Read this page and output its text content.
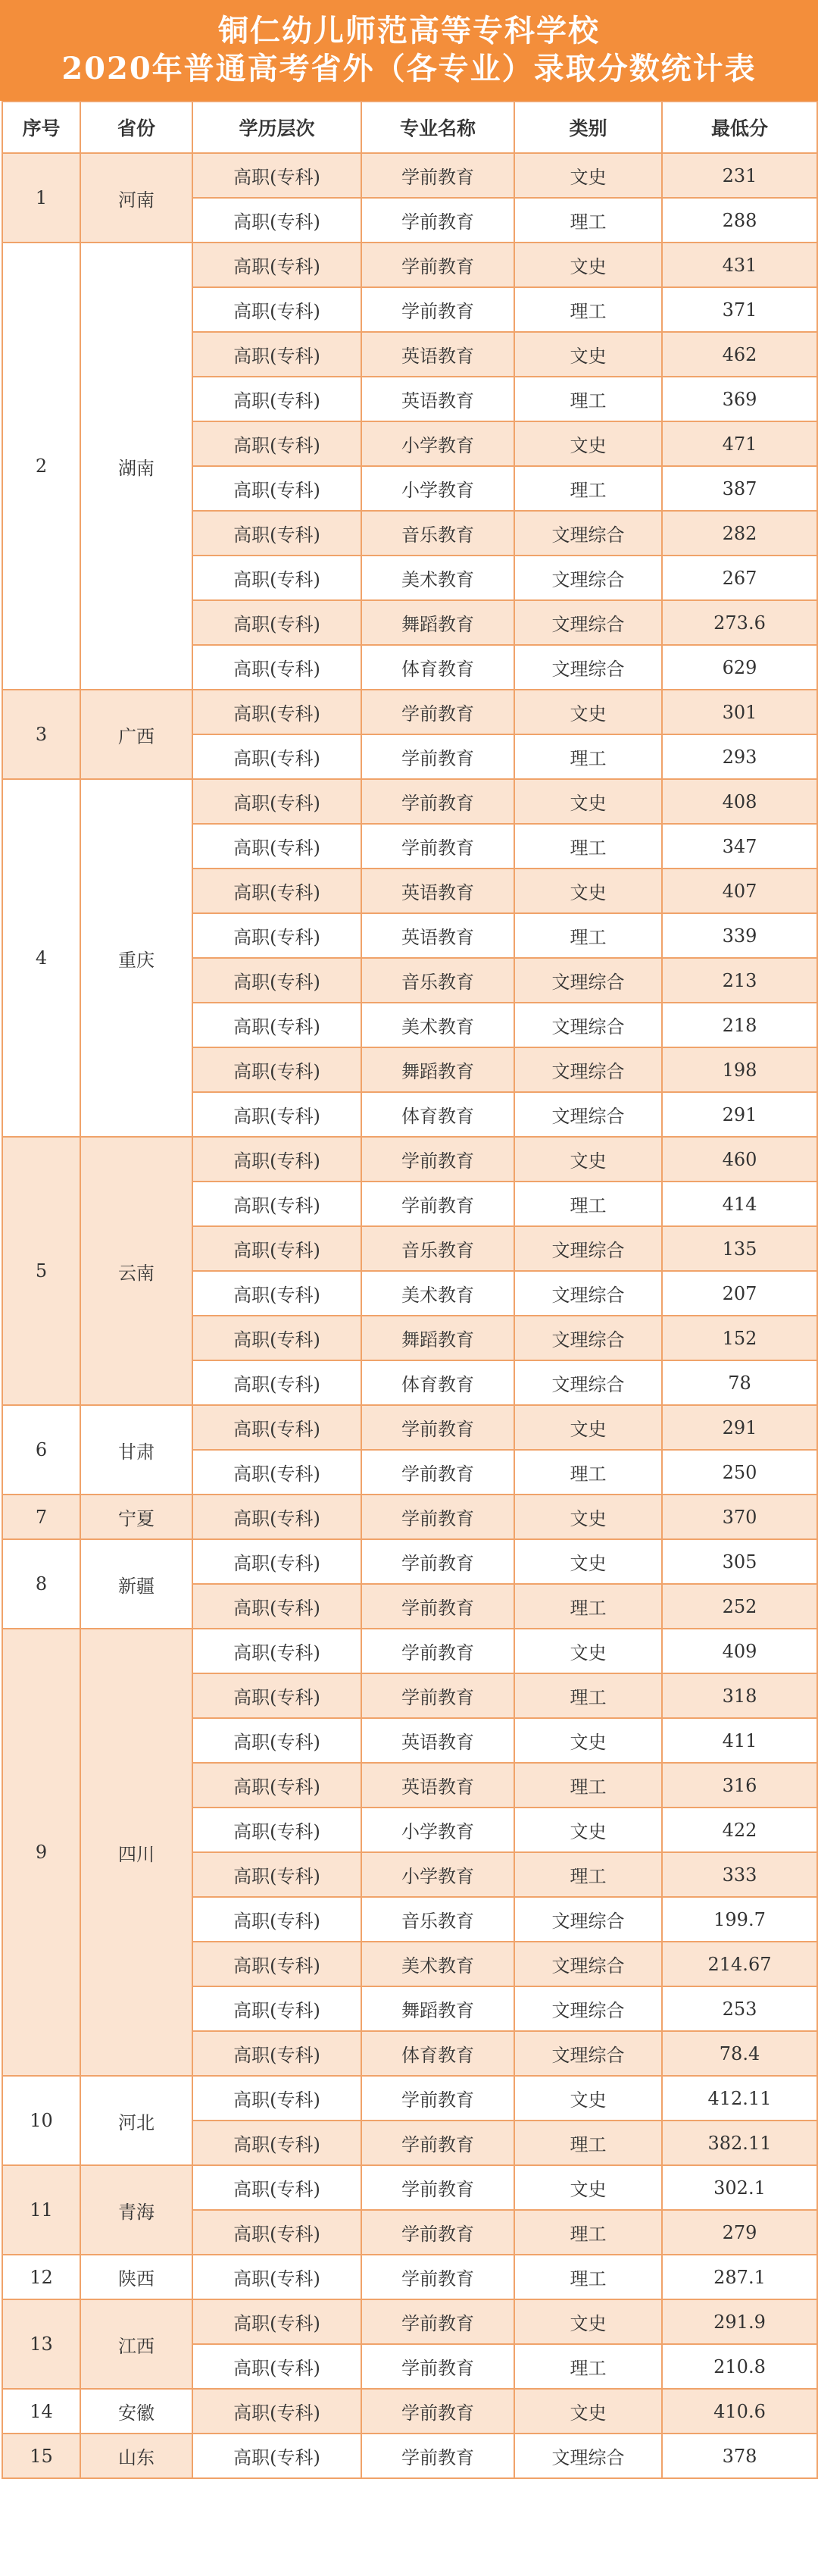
铜仁幼儿师范高等专科学校
2020年普通高考省外（各专业）录取分数统计表
序号	省份	学历层次	专业名称	类别	最低分
1	河南	高职(专科)	学前教育	文史	231
		高职(专科)	学前教育	理工	288
2	湖南	高职(专科)	学前教育	文史	431
		高职(专科)	学前教育	理工	371
		高职(专科)	英语教育	文史	462
		高职(专科)	英语教育	理工	369
		高职(专科)	小学教育	文史	471
		高职(专科)	小学教育	理工	387
		高职(专科)	音乐教育	文理综合	282
		高职(专科)	美术教育	文理综合	267
		高职(专科)	舞蹈教育	文理综合	273.6
		高职(专科)	体育教育	文理综合	629
3	广西	高职(专科)	学前教育	文史	301
		高职(专科)	学前教育	理工	293
4	重庆	高职(专科)	学前教育	文史	408
		高职(专科)	学前教育	理工	347
		高职(专科)	英语教育	文史	407
		高职(专科)	英语教育	理工	339
		高职(专科)	音乐教育	文理综合	213
		高职(专科)	美术教育	文理综合	218
		高职(专科)	舞蹈教育	文理综合	198
		高职(专科)	体育教育	文理综合	291
5	云南	高职(专科)	学前教育	文史	460
		高职(专科)	学前教育	理工	414
		高职(专科)	音乐教育	文理综合	135
		高职(专科)	美术教育	文理综合	207
		高职(专科)	舞蹈教育	文理综合	152
		高职(专科)	体育教育	文理综合	78
6	甘肃	高职(专科)	学前教育	文史	291
		高职(专科)	学前教育	理工	250
7	宁夏	高职(专科)	学前教育	文史	370
8	新疆	高职(专科)	学前教育	文史	305
		高职(专科)	学前教育	理工	252
9	四川	高职(专科)	学前教育	文史	409
		高职(专科)	学前教育	理工	318
		高职(专科)	英语教育	文史	411
		高职(专科)	英语教育	理工	316
		高职(专科)	小学教育	文史	422
		高职(专科)	小学教育	理工	333
		高职(专科)	音乐教育	文理综合	199.7
		高职(专科)	美术教育	文理综合	214.67
		高职(专科)	舞蹈教育	文理综合	253
		高职(专科)	体育教育	文理综合	78.4
10	河北	高职(专科)	学前教育	文史	412.11
		高职(专科)	学前教育	理工	382.11
11	青海	高职(专科)	学前教育	文史	302.1
		高职(专科)	学前教育	理工	279
12	陕西	高职(专科)	学前教育	理工	287.1
13	江西	高职(专科)	学前教育	文史	291.9
		高职(专科)	学前教育	理工	210.8
14	安徽	高职(专科)	学前教育	文史	410.6
15	山东	高职(专科)	学前教育	文理综合	378
